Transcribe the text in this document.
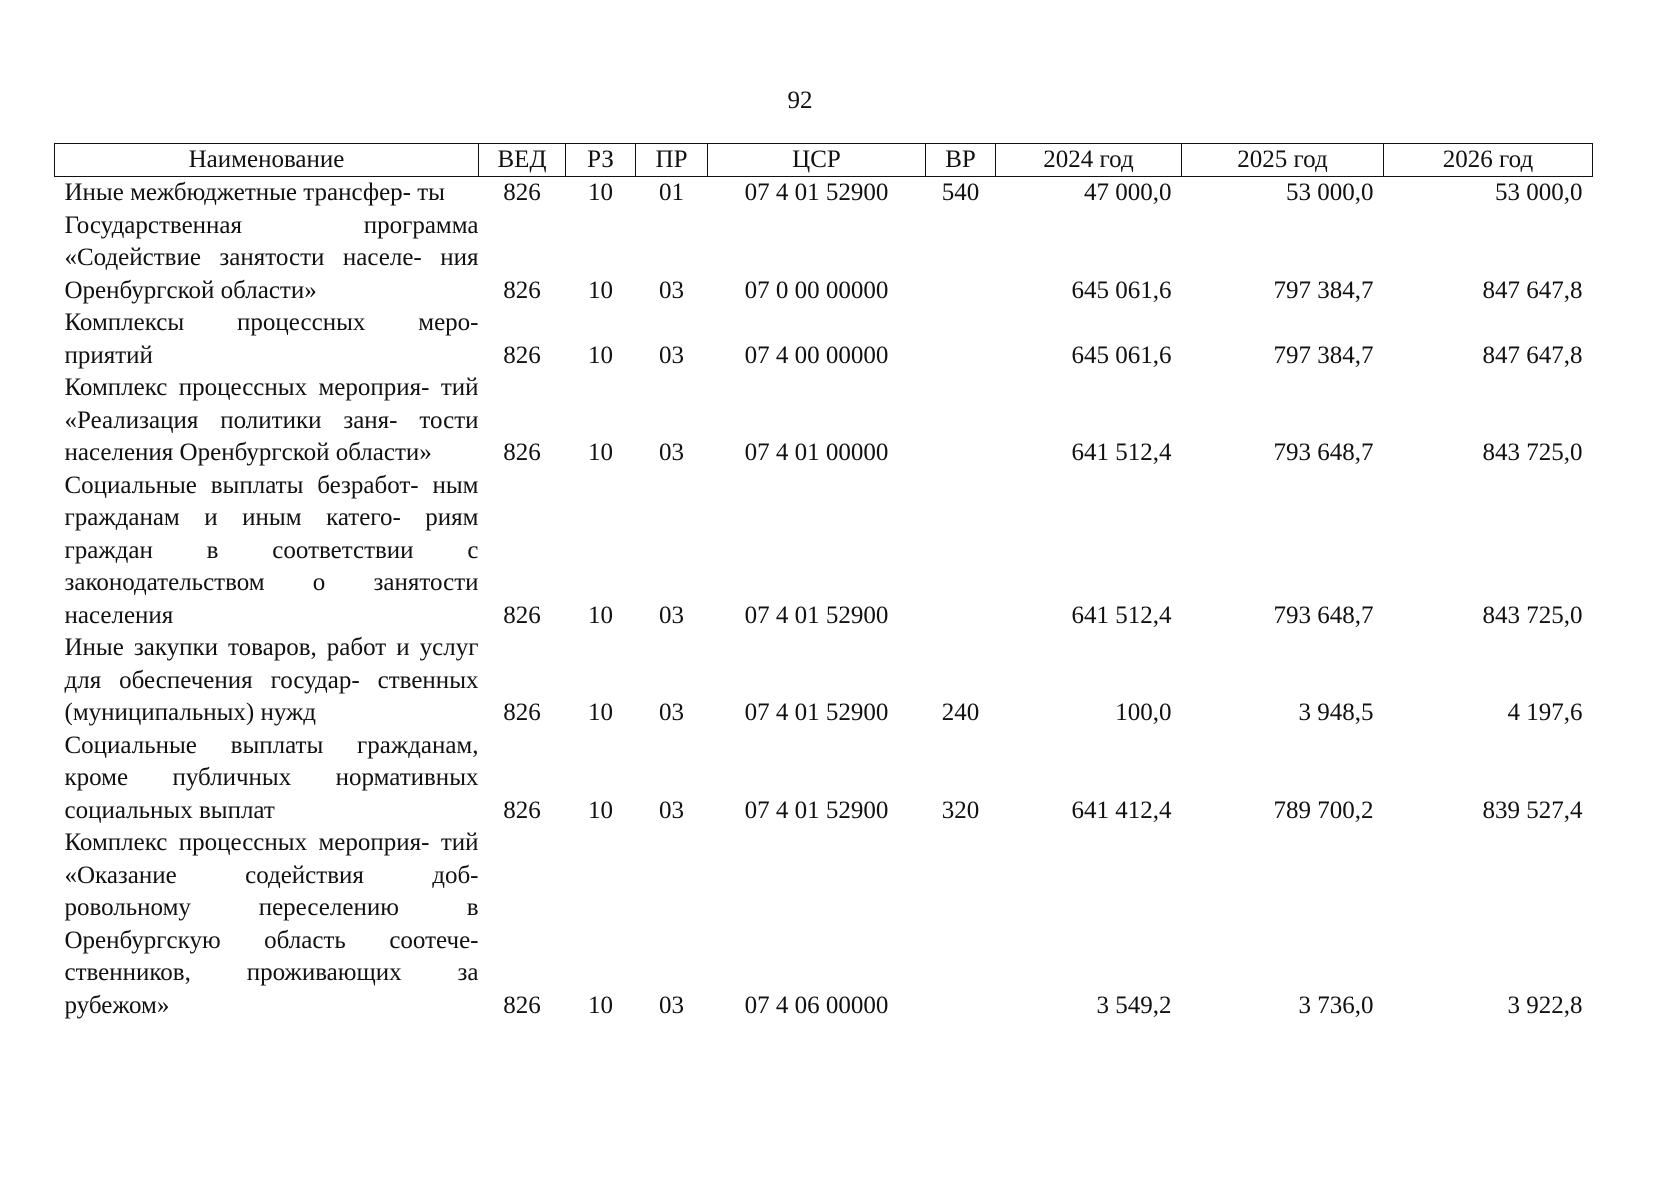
92
Наименование	ВЕД	РЗ	ПР	ЦСР	ВР	2024 год	2025 год	2026 год
Иные межбюджетные трансфер- ты	826	10	01	07 4 01 52900	540	47 000,0	53 000,0	53 000,0
Государственная программа «Содействие занятости населе- ния Оренбургской области»	826	10	03	07 0 00 00000		645 061,6	797 384,7	847 647,8
Комплексы процессных меро- приятий	826	10	03	07 4 00 00000		645 061,6	797 384,7	847 647,8
Комплекс процессных мероприя- тий «Реализация политики заня- тости населения Оренбургской области»	826	10	03	07 4 01 00000		641 512,4	793 648,7	843 725,0
Социальные выплаты безработ- ным гражданам и иным катего- риям граждан в соответствии с законодательством о занятости населения	826	10	03	07 4 01 52900		641 512,4	793 648,7	843 725,0
Иные закупки товаров, работ и услуг для обеспечения государ- ственных (муниципальных) нужд	826	10	03	07 4 01 52900	240	100,0	3 948,5	4 197,6
Социальные выплаты гражданам, кроме публичных нормативных социальных выплат	826	10	03	07 4 01 52900	320	641 412,4	789 700,2	839 527,4
Комплекс процессных мероприя- тий «Оказание содействия доб- ровольному переселению в Оренбургскую область соотече- ственников, проживающих за рубежом»	826	10	03	07 4 06 00000		3 549,2	3 736,0	3 922,8
